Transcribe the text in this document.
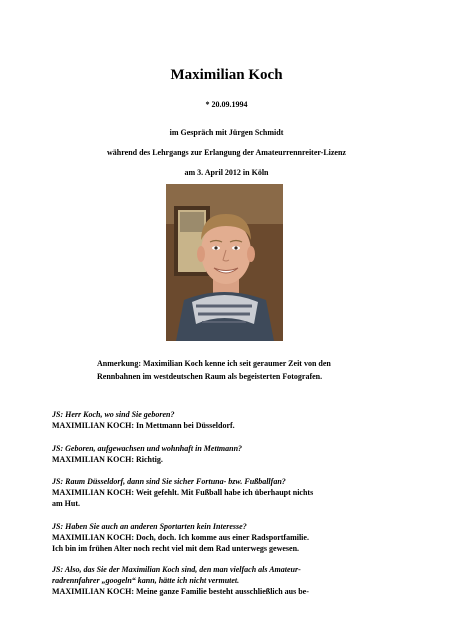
Maximilian Koch
* 20.09.1994
im Gespräch mit Jürgen Schmidt
während des Lehrgangs zur Erlangung der Amateurrennreiter-Lizenz
am 3. April 2012 in Köln
Anmerkung: Maximilian Koch kenne ich seit geraumer Zeit von den
Rennbahnen im westdeutschen Raum als begeisterten Fotografen.
JS: Herr Koch, wo sind Sie geboren?
MAXIMILIAN KOCH: In Mettmann bei Düsseldorf.
JS: Geboren, aufgewachsen und wohnhaft in Mettmann?
MAXIMILIAN KOCH: Richtig.
JS: Raum Düsseldorf, dann sind Sie sicher Fortuna- bzw. Fußballfan?
MAXIMILIAN KOCH: Weit gefehlt. Mit Fußball habe ich überhaupt nichts
am Hut.
JS: Haben Sie auch an anderen Sportarten kein Interesse?
MAXIMILIAN KOCH: Doch, doch. Ich komme aus einer Radsportfamilie.
Ich bin im frühen Alter noch recht viel mit dem Rad unterwegs gewesen.
JS: Also, das Sie der Maximilian Koch sind, den man vielfach als Amateur-
radrennfahrer „googeln“ kann, hätte ich nicht vermutet.
MAXIMILIAN KOCH: Meine ganze Familie besteht ausschließlich aus be-
